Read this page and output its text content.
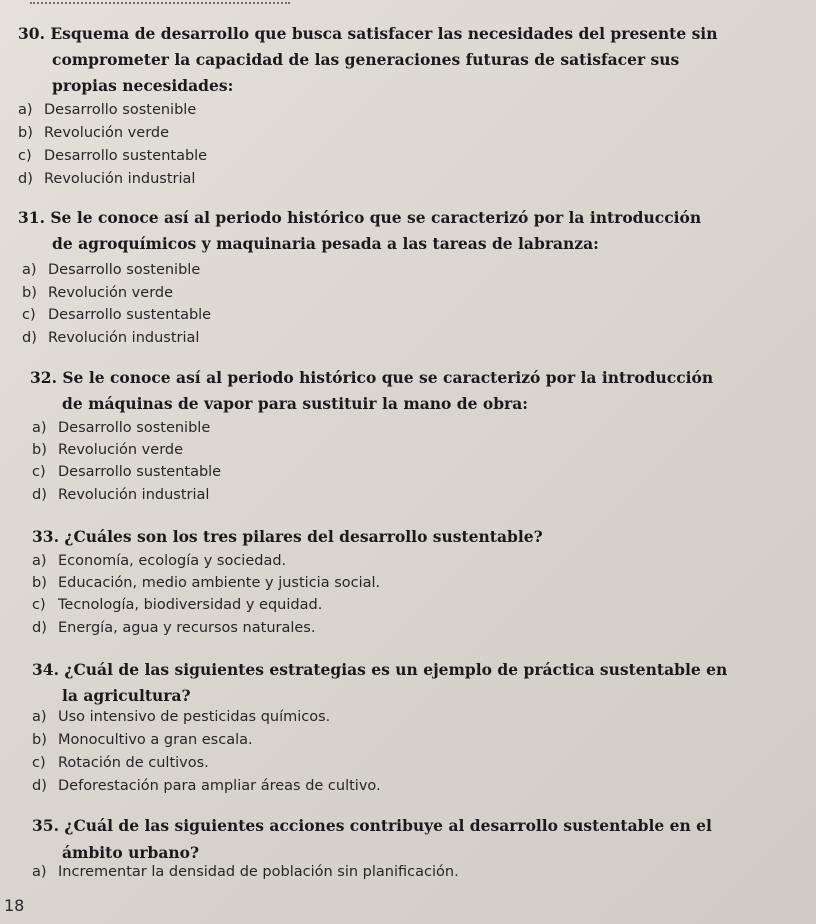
30. Esquema de desarrollo que busca satisfacer las necesidades del presente sin
comprometer la capacidad de las generaciones futuras de satisfacer sus
propias necesidades:
a) Desarrollo sostenible
b) Revolución verde
c) Desarrollo sustentable
d) Revolución industrial
31. Se le conoce así al periodo histórico que se caracterizó por la introducción
de agroquímicos y maquinaria pesada a las tareas de labranza:
a) Desarrollo sostenible
b) Revolución verde
c) Desarrollo sustentable
d) Revolución industrial
32. Se le conoce así al periodo histórico que se caracterizó por la introducción
de máquinas de vapor para sustituir la mano de obra:
a) Desarrollo sostenible
b) Revolución verde
c) Desarrollo sustentable
d) Revolución industrial
33. ¿Cuáles son los tres pilares del desarrollo sustentable?
a) Economía, ecología y sociedad.
b) Educación, medio ambiente y justicia social.
c) Tecnología, biodiversidad y equidad.
d) Energía, agua y recursos naturales.
34. ¿Cuál de las siguientes estrategias es un ejemplo de práctica sustentable en
la agricultura?
a) Uso intensivo de pesticidas químicos.
b) Monocultivo a gran escala.
c) Rotación de cultivos.
d) Deforestación para ampliar áreas de cultivo.
35. ¿Cuál de las siguientes acciones contribuye al desarrollo sustentable en el
ámbito urbano?
a) Incrementar la densidad de población sin planificación.
18
